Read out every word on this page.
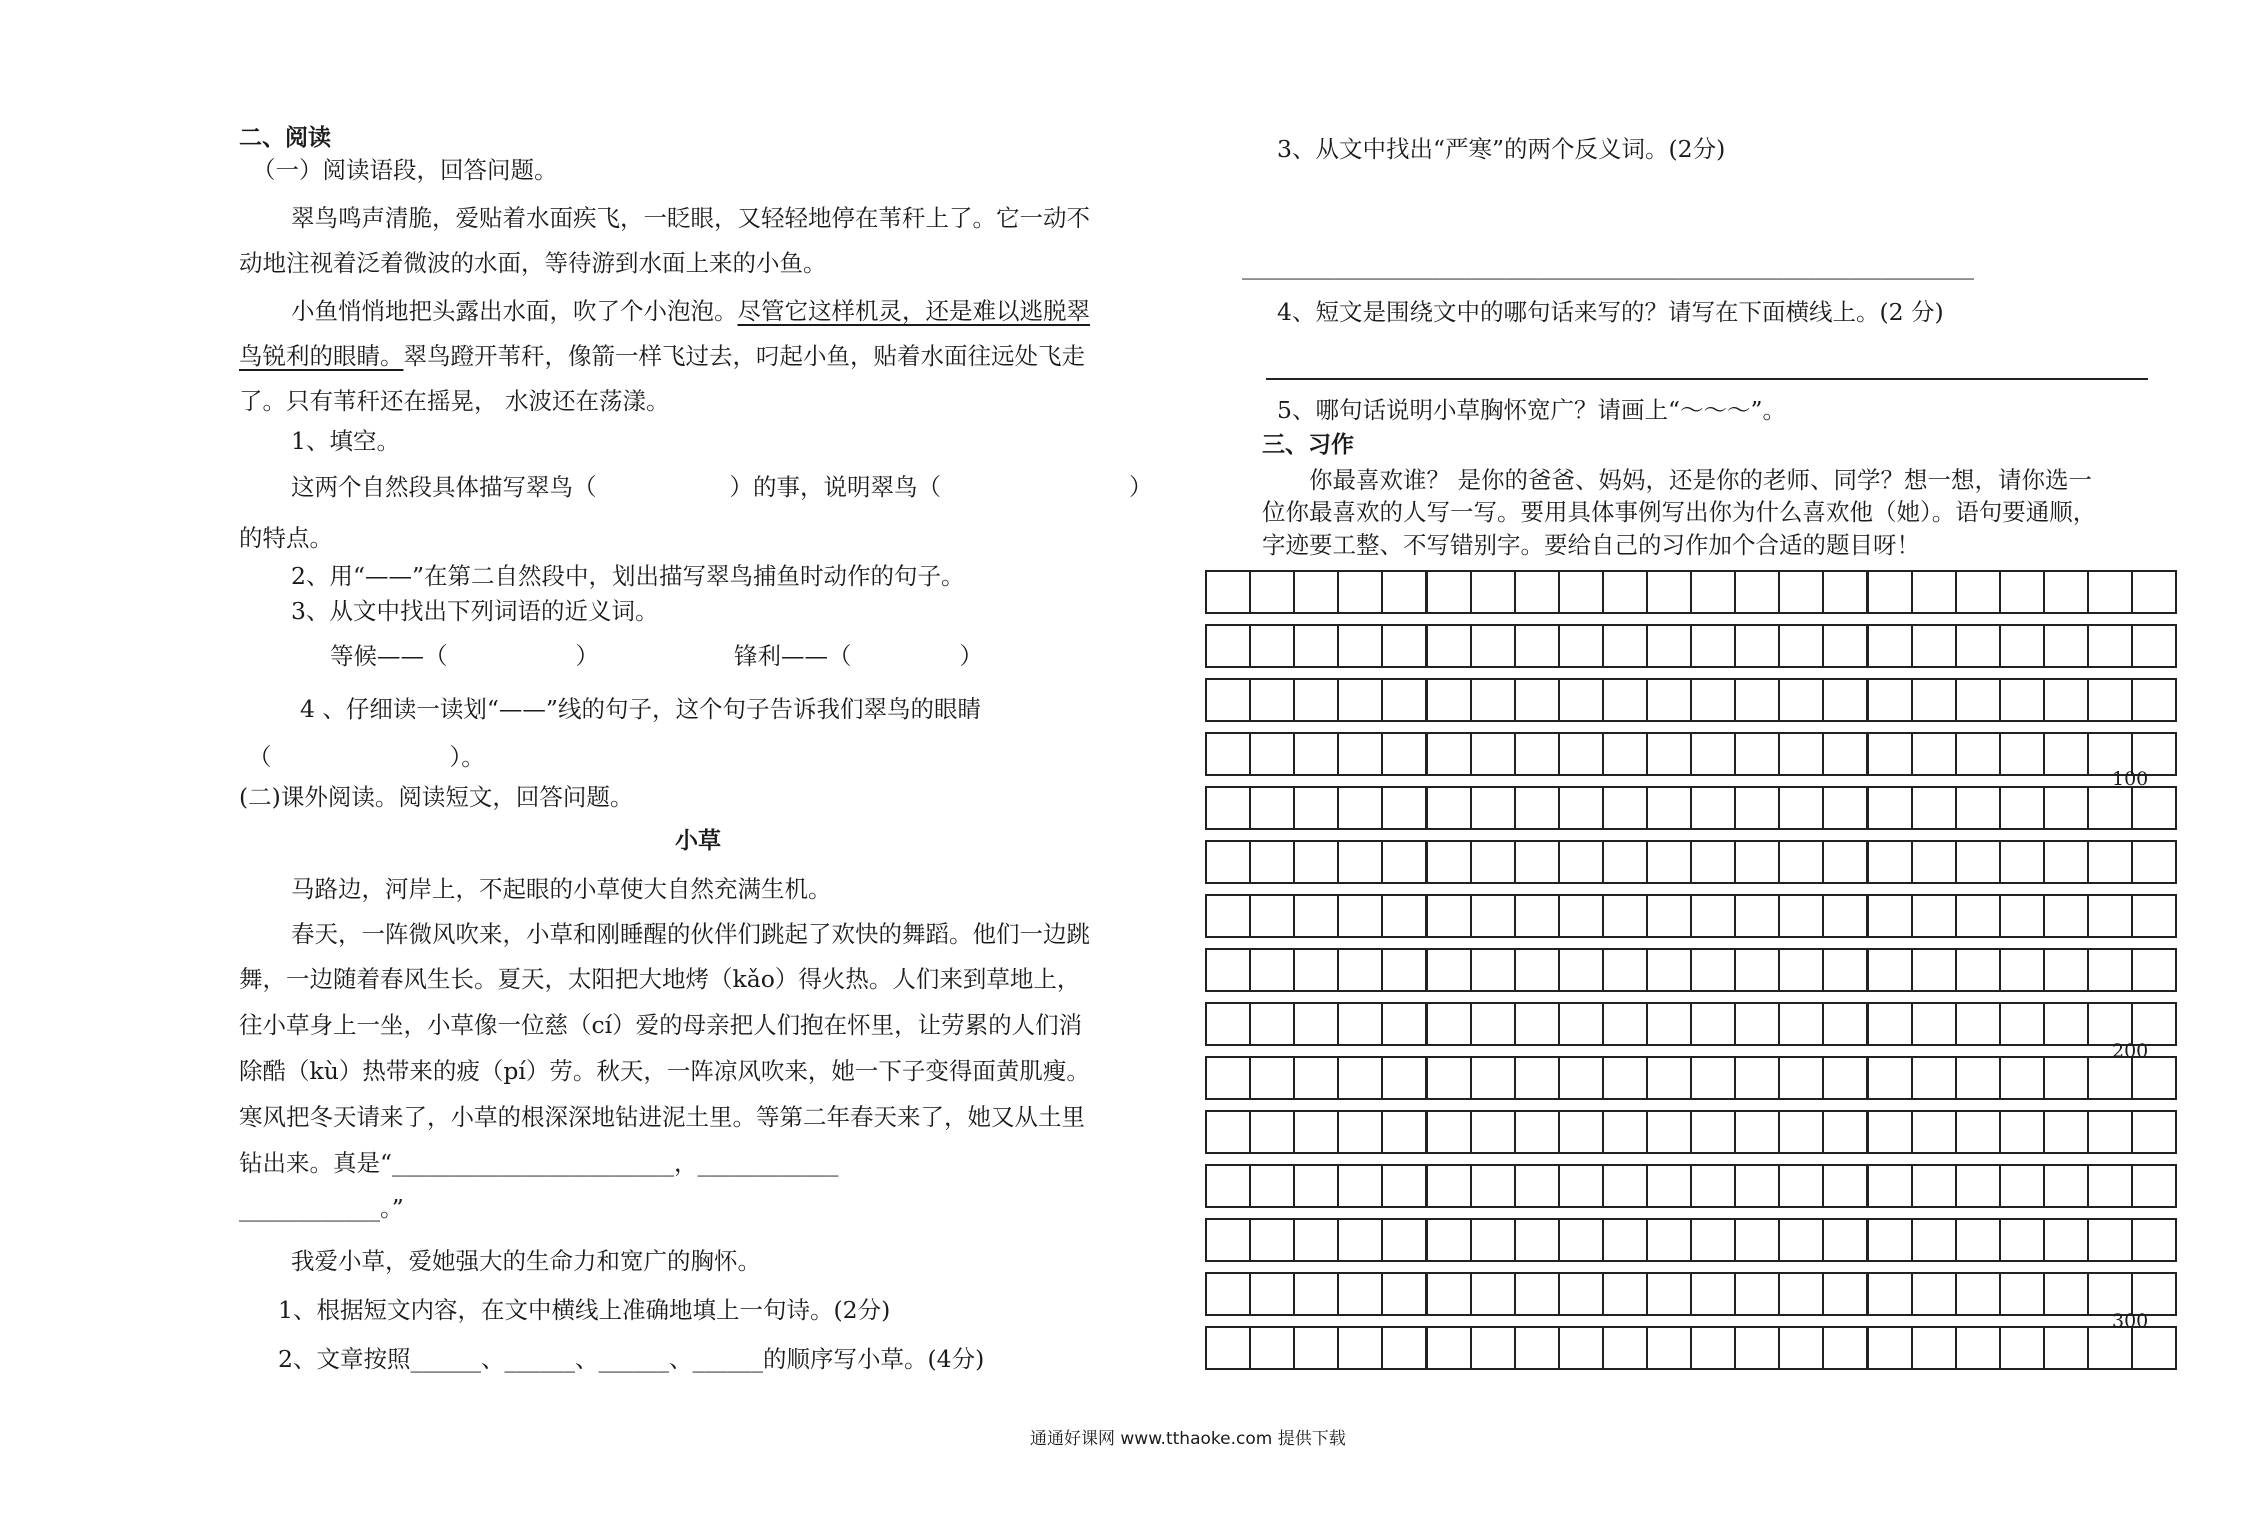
二、阅读
（一）阅读语段，回答问题。
翠鸟鸣声清脆，爱贴着水面疾飞，一眨眼，又轻轻地停在苇秆上了。它一动不
动地注视着泛着微波的水面，等待游到水面上来的小鱼。
小鱼悄悄地把头露出水面，吹了个小泡泡。尽管它这样机灵，还是难以逃脱翠
鸟锐利的眼睛。翠鸟蹬开苇秆，像箭一样飞过去，叼起小鱼，贴着水面往远处飞走
了。只有苇秆还在摇晃， 水波还在荡漾。
1、填空。
这两个自然段具体描写翠鸟（	）的事，说明翠鸟（	）
的特点。
2、用“——”在第二自然段中，划出描写翠鸟捕鱼时动作的句子。
3、从文中找出下列词语的近义词。
等候——（	）	锋利——（	）
4 、仔细读一读划“——”线的句子，这个句子告诉我们翠鸟的眼睛
（	）。
(二)课外阅读。阅读短文，回答问题。
小草
马路边，河岸上，不起眼的小草使大自然充满生机。
春天，一阵微风吹来，小草和刚睡醒的伙伴们跳起了欢快的舞蹈。他们一边跳
舞，一边随着春风生长。夏天，太阳把大地烤（kǎo）得火热。人们来到草地上，
往小草身上一坐，小草像一位慈（cí）爱的母亲把人们抱在怀里，让劳累的人们消
除酷（kù）热带来的疲（pí）劳。秋天，一阵凉风吹来，她一下子变得面黄肌瘦。
寒风把冬天请来了，小草的根深深地钻进泥土里。等第二年春天来了，她又从土里
钻出来。真是“________________________，____________
____________。”
我爱小草，爱她强大的生命力和宽广的胸怀。
1、根据短文内容，在文中横线上准确地填上一句诗。(2分)
2、文章按照______、______、______、______的顺序写小草。(4分)
3、从文中找出“严寒”的两个反义词。(2分)
____________________________________________________________________
4、短文是围绕文中的哪句话来写的？请写在下面横线上。(2 分)
5、哪句话说明小草胸怀宽广？请画上“～～～”。
三、习作
你最喜欢谁？ 是你的爸爸、妈妈，还是你的老师、同学？想一想，请你选一
位你最喜欢的人写一写。要用具体事例写出你为什么喜欢他（她）。语句要通顺，
字迹要工整、不写错别字。要给自己的习作加个合适的题目呀！
100
200
300
通通好课网 www.tthaoke.com 提供下载
